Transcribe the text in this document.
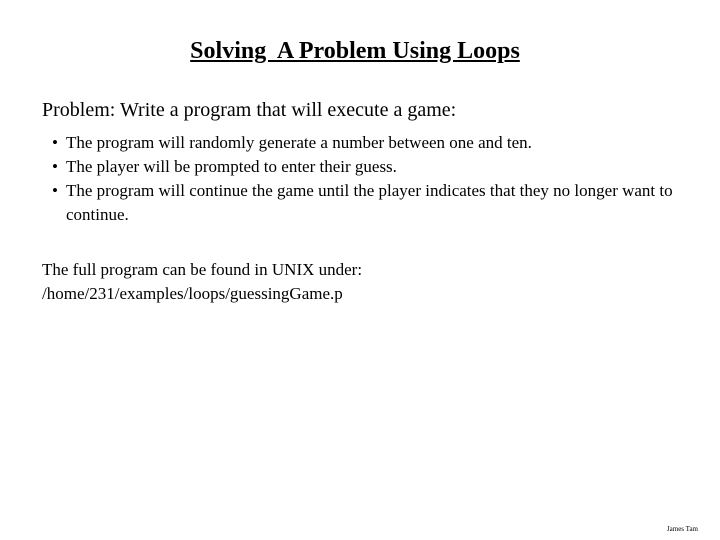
Solving  A Problem Using Loops
Problem: Write a program that will execute a game:
• The program will randomly generate a number between one and ten.
• The player will be prompted to enter their guess.
• The program will continue the game until the player indicates that they no longer want to continue.
The full program can be found in UNIX under:
/home/231/examples/loops/guessingGame.p
James Tam
